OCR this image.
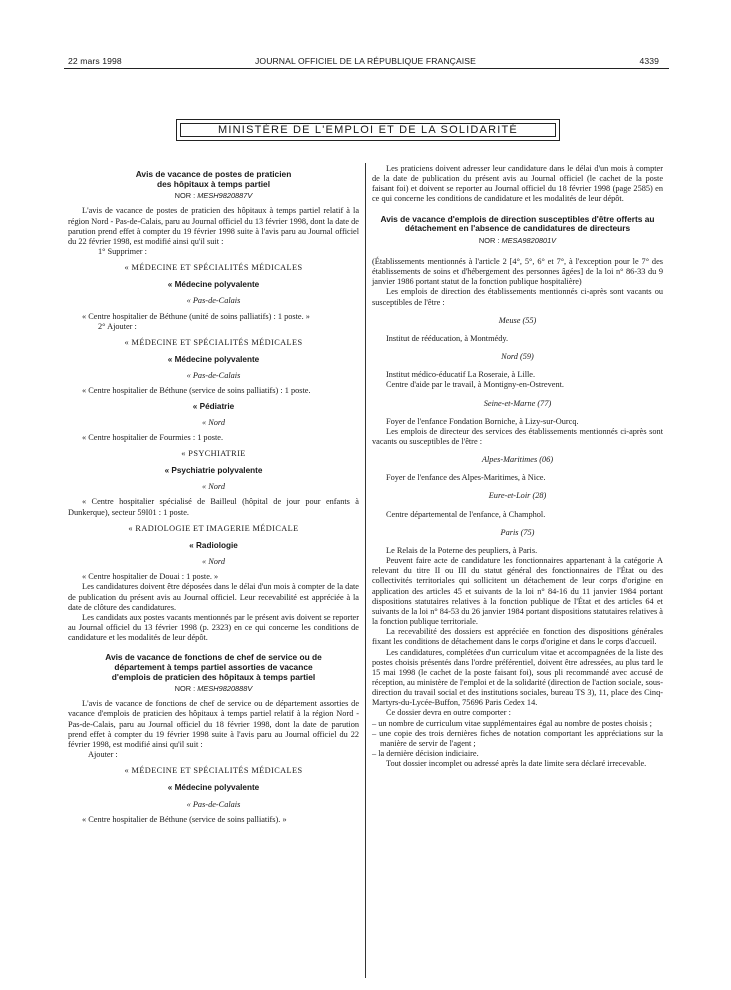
22 mars 1998	JOURNAL OFFICIEL DE LA RÉPUBLIQUE FRANÇAISE	4339
MINISTÈRE DE L'EMPLOI ET DE LA SOLIDARITÉ
Avis de vacance de postes de praticien
des hôpitaux à temps partiel
NOR : MESH9820887V

L'avis de vacance de postes de praticien des hôpitaux à temps partiel relatif à la région Nord - Pas-de-Calais, paru au Journal officiel du 13 février 1998, dont la date de parution prend effet à compter du 19 février 1998 suite à l'avis paru au Journal officiel du 22 février 1998, est modifié ainsi qu'il suit :

1° Supprimer :

« MÉDECINE ET SPÉCIALITÉS MÉDICALES
« Médecine polyvalente
« Pas-de-Calais

« Centre hospitalier de Béthune (unité de soins palliatifs) : 1 poste. »

2° Ajouter :

« MÉDECINE ET SPÉCIALITÉS MÉDICALES
« Médecine polyvalente
« Pas-de-Calais

« Centre hospitalier de Béthune (service de soins palliatifs) : 1 poste.

« Pédiatrie
« Nord

« Centre hospitalier de Fourmies : 1 poste.

« PSYCHIATRIE
« Psychiatrie polyvalente
« Nord

« Centre hospitalier spécialisé de Bailleul (hôpital de jour pour enfants à Dunkerque), secteur 59I01 : 1 poste.

« RADIOLOGIE ET IMAGERIE MÉDICALE
« Radiologie
« Nord

« Centre hospitalier de Douai : 1 poste. »

Les candidatures doivent être déposées dans le délai d'un mois à compter de la date de publication du présent avis au Journal officiel. Leur recevabilité est appréciée à la date de clôture des candidatures.

Les candidats aux postes vacants mentionnés par le présent avis doivent se reporter au Journal officiel du 13 février 1998 (p. 2323) en ce qui concerne les conditions de candidature et les modalités de leur dépôt.

Avis de vacance de fonctions de chef de service ou de
département à temps partiel assorties de vacance
d'emplois de praticien des hôpitaux à temps partiel
NOR : MESH9820888V

L'avis de vacance de fonctions de chef de service ou de département assorties de vacance d'emplois de praticien des hôpitaux à temps partiel relatif à la région Nord - Pas-de-Calais, paru au Journal officiel du 18 février 1998, dont la date de parution prend effet à compter du 19 février 1998 suite à l'avis paru au Journal officiel du 22 février 1998, est modifié ainsi qu'il suit :

Ajouter :

« MÉDECINE ET SPÉCIALITÉS MÉDICALES
« Médecine polyvalente
« Pas-de-Calais

« Centre hospitalier de Béthune (service de soins palliatifs). »

Les praticiens doivent adresser leur candidature dans le délai d'un mois à compter de la date de publication du présent avis au Journal officiel (le cachet de la poste faisant foi) et doivent se reporter au Journal officiel du 18 février 1998 (page 2585) en ce qui concerne les conditions de candidature et les modalités de leur dépôt.

Avis de vacance d'emplois de direction susceptibles d'être offerts au détachement en l'absence de candidatures de directeurs
NOR : MESA9820801V

(Établissements mentionnés à l'article 2 [4°, 5°, 6° et 7°, à l'exception pour le 7° des établissements de soins et d'hébergement des personnes âgées] de la loi n° 86-33 du 9 janvier 1986 portant statut de la fonction publique hospitalière)

Les emplois de direction des établissements mentionnés ci-après sont vacants ou susceptibles de l'être :

Meuse (55)

Institut de rééducation, à Montmédy.

Nord (59)

Institut médico-éducatif La Roseraie, à Lille.

Centre d'aide par le travail, à Montigny-en-Ostrevent.

Seine-et-Marne (77)

Foyer de l'enfance Fondation Borniche, à Lizy-sur-Ourcq.

Les emplois de directeur des services des établissements mentionnés ci-après sont vacants ou susceptibles de l'être :

Alpes-Maritimes (06)

Foyer de l'enfance des Alpes-Maritimes, à Nice.

Eure-et-Loir (28)

Centre départemental de l'enfance, à Champhol.

Paris (75)

Le Relais de la Poterne des peupliers, à Paris.

Peuvent faire acte de candidature les fonctionnaires appartenant à la catégorie A relevant du titre II ou III du statut général des fonctionnaires de l'État ou des collectivités territoriales qui sollicitent un détachement de leur corps d'origine en application des articles 45 et suivants de la loi n° 84-16 du 11 janvier 1984 portant dispositions statutaires relatives à la fonction publique de l'État et des articles 64 et suivants de la loi n° 84-53 du 26 janvier 1984 portant dispositions statutaires relatives à la fonction publique territoriale.

La recevabilité des dossiers est appréciée en fonction des dispositions générales fixant les conditions de détachement dans le corps d'origine et dans le corps d'accueil.

Les candidatures, complétées d'un curriculum vitae et accompagnées de la liste des postes choisis présentés dans l'ordre préférentiel, doivent être adressées, au plus tard le 15 mai 1998 (le cachet de la poste faisant foi), sous pli recommandé avec accusé de réception, au ministère de l'emploi et de la solidarité (direction de l'action sociale, sous-direction du travail social et des institutions sociales, bureau TS 3), 11, place des Cinq-Martyrs-du-Lycée-Buffon, 75696 Paris Cedex 14.

Ce dossier devra en outre comporter :

– un nombre de curriculum vitae supplémentaires égal au nombre de postes choisis ;

– une copie des trois dernières fiches de notation comportant les appréciations sur la manière de servir de l'agent ;

– la dernière décision indiciaire.

Tout dossier incomplet ou adressé après la date limite sera déclaré irrecevable.
